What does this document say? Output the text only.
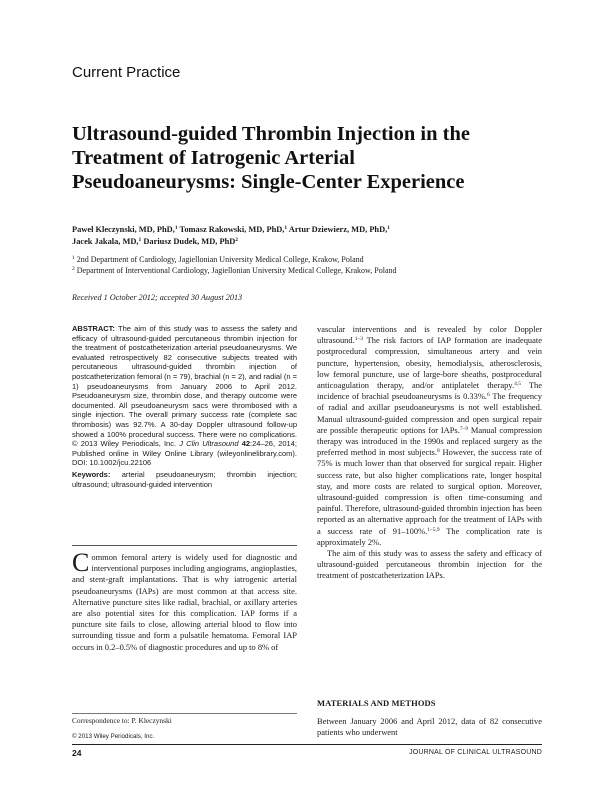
Current Practice
Ultrasound-guided Thrombin Injection in the
Treatment of Iatrogenic Arterial
Pseudoaneurysms: Single-Center Experience
Paweł Kleczynski, MD, PhD,$^1$ Tomasz Rakowski, MD, PhD,$^1$ Artur Dziewierz, MD, PhD,$^1$
Jacek Jakala, MD,$^1$ Dariusz Dudek, MD, PhD$^2$
$^1$ 2nd Department of Cardiology, Jagiellonian University Medical College, Krakow, Poland
$^2$ Department of Interventional Cardiology, Jagiellonian University Medical College, Krakow, Poland
Received 1 October 2012; accepted 30 August 2013

ABSTRACT: The aim of this study was to assess the safety and efficacy of ultrasound-guided percutaneous thrombin injection for the treatment of postcatheterization arterial pseudoaneurysms. We evaluated retrospectively 82 consecutive subjects treated with percutaneous ultrasound-guided thrombin injection of postcatheterization femoral (n = 79), brachial (n = 2), and radial (n = 1) pseudoaneurysms from January 2006 to April 2012. Pseudoaneurysm size, thrombin dose, and therapy outcome were documented. All pseudoaneurysm sacs were thrombosed with a single injection. The overall primary success rate (complete sac thrombosis) was 92.7%. A 30-day Doppler ultrasound follow-up showed a 100% procedural success. There were no complications. © 2013 Wiley Periodicals, Inc. J Clin Ultrasound 42:24–26, 2014; Published online in Wiley Online Library (wileyonlinelibrary.com). DOI: 10.1002/jcu.22106

Keywords: arterial pseudoaneurysm; thrombin injection; ultrasound; ultrasound-guided intervention

Common femoral artery is widely used for diagnostic and interventional purposes including angiograms, angioplasties, and stent-graft implantations. That is why iatrogenic arterial pseudoaneurysms (IAPs) are most common at that access site. Alternative puncture sites like radial, brachial, or axillary arteries are also potential sites for this complication. IAP forms if a puncture site fails to close, allowing arterial blood to flow into surrounding tissue and form a pulsatile hematoma. Femoral IAP occurs in 0.2–0.5% of diagnostic procedures and up to 8% of

vascular interventions and is revealed by color Doppler ultrasound.$^{1-3}$ The risk factors of IAP formation are inadequate postprocedural compression, simultaneous artery and vein puncture, hypertension, obesity, hemodialysis, atherosclerosis, low femoral puncture, use of large-bore sheaths, postprocedural anticoagulation therapy, and/or antiplatelet therapy.$^{4,5}$ The incidence of brachial pseudoaneurysms is 0.33%.$^6$ The frequency of radial and axillar pseudoaneurysms is not well established. Manual ultrasound-guided compression and open surgical repair are possible therapeutic options for IAPs.$^{7-9}$ Manual compression therapy was introduced in the 1990s and replaced surgery as the preferred method in most subjects.$^8$ However, the success rate of 75% is much lower than that observed for surgical repair. Higher success rate, but also higher complications rate, longer hospital stay, and more costs are related to surgical option. Moreover, ultrasound-guided compression is often time-consuming and painful. Therefore, ultrasound-guided thrombin injection has been reported as an alternative approach for the treatment of IAPs with a success rate of 91–100%.$^{1-5,9}$ The complication rate is approximately 2%.

The aim of this study was to assess the safety and efficacy of ultrasound-guided percutaneous thrombin injection for the treatment of postcatheterization IAPs.

MATERIALS AND METHODS

Between January 2006 and April 2012, data of 82 consecutive patients who underwent

Correspondence to: P. Kleczynski
© 2013 Wiley Periodicals, Inc.
24	JOURNAL OF CLINICAL ULTRASOUND
